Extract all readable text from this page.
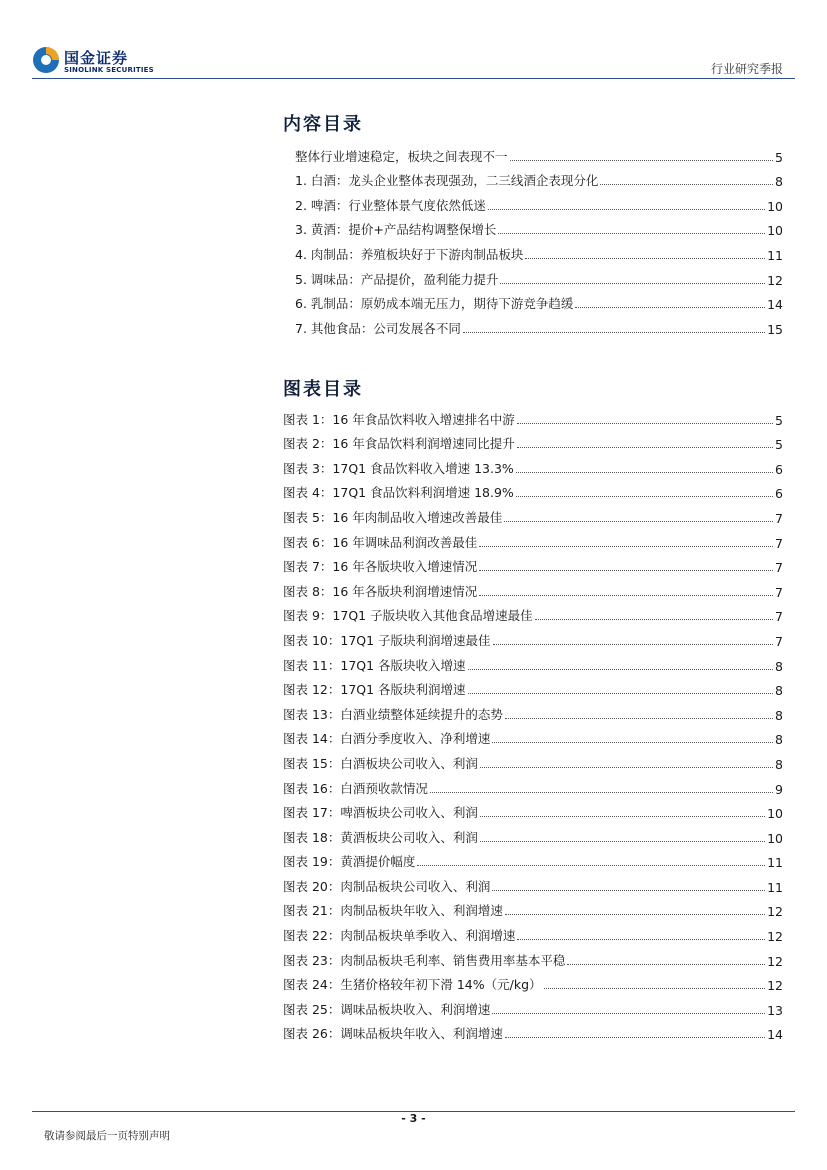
国金证券
SINOLINK SECURITIES	行业研究季报
内容目录
整体行业增速稳定，板块之间表现不一	5
1. 白酒：龙头企业整体表现强劲，二三线酒企表现分化	8
2. 啤酒：行业整体景气度依然低迷	10
3. 黄酒：提价+产品结构调整保增长	10
4. 肉制品：养殖板块好于下游肉制品板块	11
5. 调味品：产品提价，盈利能力提升	12
6. 乳制品：原奶成本端无压力，期待下游竞争趋缓	14
7. 其他食品：公司发展各不同	15
图表目录
图表 1：16 年食品饮料收入增速排名中游	5
图表 2：16 年食品饮料利润增速同比提升	5
图表 3：17Q1 食品饮料收入增速 13.3%	6
图表 4：17Q1 食品饮料利润增速 18.9%	6
图表 5：16 年肉制品收入增速改善最佳	7
图表 6：16 年调味品利润改善最佳	7
图表 7：16 年各版块收入增速情况	7
图表 8：16 年各版块利润增速情况	7
图表 9：17Q1 子版块收入其他食品增速最佳	7
图表 10：17Q1 子版块利润增速最佳	7
图表 11：17Q1 各版块收入增速	8
图表 12：17Q1 各版块利润增速	8
图表 13：白酒业绩整体延续提升的态势	8
图表 14：白酒分季度收入、净利增速	8
图表 15：白酒板块公司收入、利润	8
图表 16：白酒预收款情况	9
图表 17：啤酒板块公司收入、利润	10
图表 18：黄酒板块公司收入、利润	10
图表 19：黄酒提价幅度	11
图表 20：肉制品板块公司收入、利润	11
图表 21：肉制品板块年收入、利润增速	12
图表 22：肉制品板块单季收入、利润增速	12
图表 23：肉制品板块毛利率、销售费用率基本平稳	12
图表 24：生猪价格较年初下滑 14%（元/kg）	12
图表 25：调味品板块收入、利润增速	13
图表 26：调味品板块年收入、利润增速	14
- 3 -
敬请参阅最后一页特别声明
